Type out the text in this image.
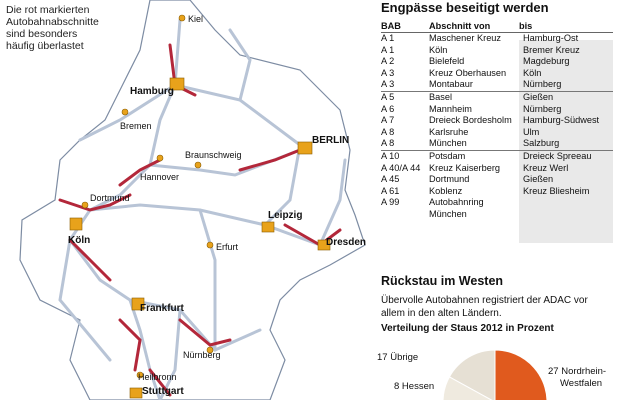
Die rot markierten Autobahnabschnitte sind besonders häufig überlastet
Kiel
Hamburg
Bremen
BERLIN
Braunschweig
Hannover
Dortmund
Köln
Leipzig
Dresden
Erfurt
Frankfurt
Nürnberg
Heilbronn
Stuttgart
Engpässe beseitigt werden
BAB	Abschnitt von	bis
A 1	Maschener Kreuz	Hamburg-Ost
A 1	Köln	Bremer Kreuz
A 2	Bielefeld	Magdeburg
A 3	Kreuz Oberhausen	Köln
A 3	Montabaur	Nürnberg
A 5	Basel	Gießen
A 6	Mannheim	Nürnberg
A 7	Dreieck Bordesholm	Hamburg-Südwest
A 8	Karlsruhe	Ulm
A 8	München	Salzburg
A 10	Potsdam	Dreieck Spreeau
A 40/A 44	Kreuz Kaiserberg	Kreuz Werl
A 45	Dortmund	Gießen
A 61	Koblenz	Kreuz Bliesheim
A 99	Autobahnring München	
Rückstau im Westen
Übervolle Autobahnen registriert der ADAC vor allem in den alten Ländern.
Verteilung der Staus 2012 in Prozent
17 Übrige
8 Hessen
27 Nordrhein-
Westfalen
